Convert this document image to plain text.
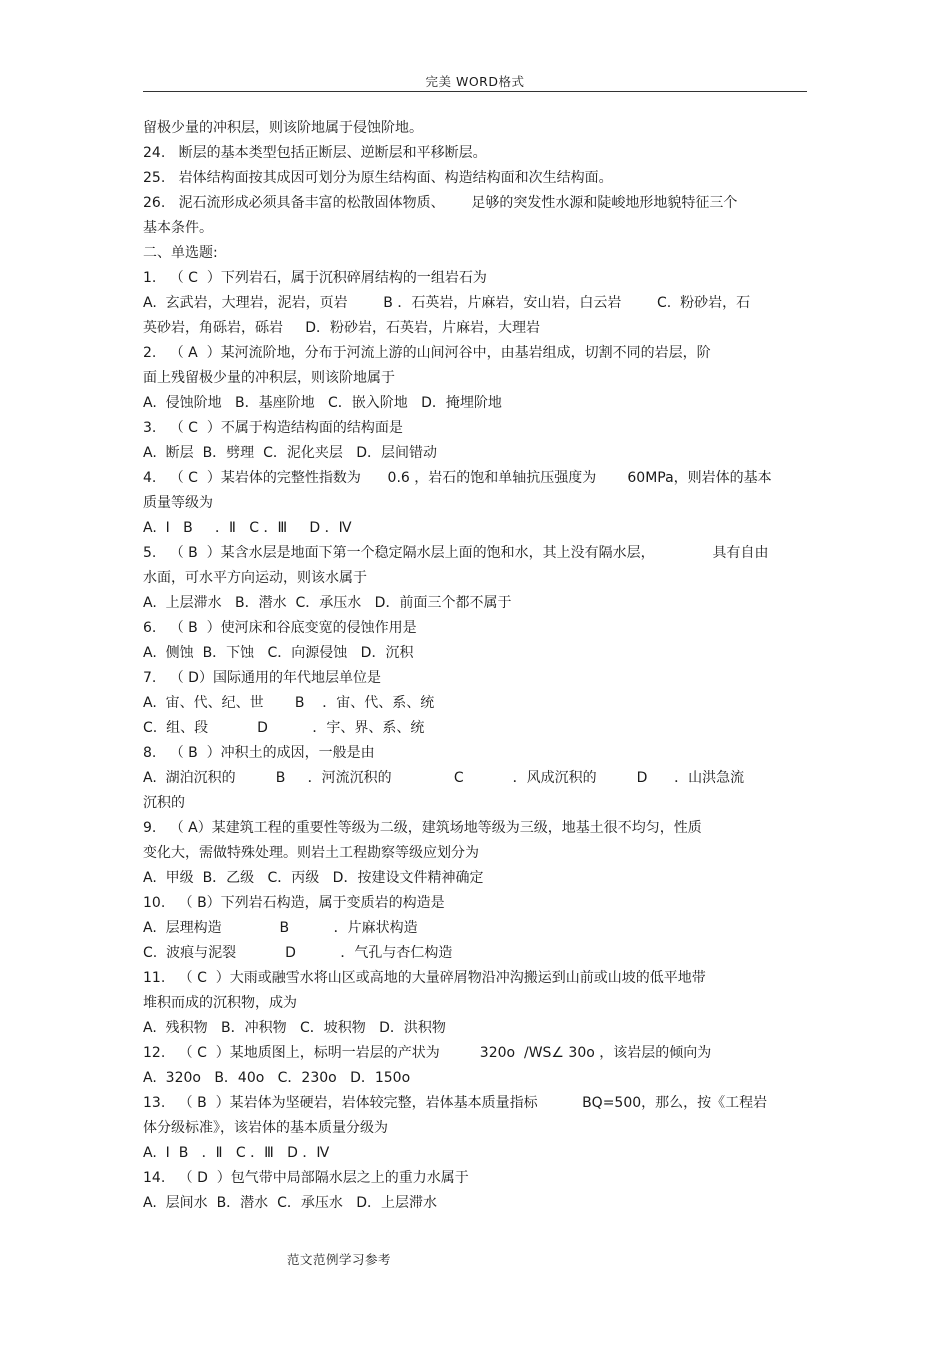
完美 WORD格式
留极少量的冲积层，则该阶地属于侵蚀阶地。
24.   断层的基本类型包括正断层、逆断层和平移断层。
25.   岩体结构面按其成因可划分为原生结构面、构造结构面和次生结构面。
26.   泥石流形成必须具备丰富的松散固体物质、      足够的突发性水源和陡峻地形地貌特征三个
基本条件。
二、单选题:
1.   （ C  ）下列岩石，属于沉积碎屑结构的一组岩石为
A.  玄武岩，大理岩，泥岩，页岩        B ．石英岩，片麻岩，安山岩，白云岩        C.  粉砂岩，石
英砂岩，角砾岩，砾岩     D．粉砂岩，石英岩，片麻岩，大理岩
2.   （ A  ）某河流阶地，分布于河流上游的山间河谷中，由基岩组成，切割不同的岩层，阶
面上残留极少量的冲积层，则该阶地属于
A.  侵蚀阶地   B．基座阶地   C．嵌入阶地   D．掩埋阶地
3.   （ C  ）不属于构造结构面的结构面是
A.  断层  B．劈理  C．泥化夹层   D．层间错动
4.   （ C  ）某岩体的完整性指数为      0.6 ，岩石的饱和单轴抗压强度为       60MPa，则岩体的基本
质量等级为
A.  Ⅰ   B     ．Ⅱ   C ．Ⅲ     D ．Ⅳ
5.   （ B  ）某含水层是地面下第一个稳定隔水层上面的饱和水，其上没有隔水层，             具有自由
水面，可水平方向运动，则该水属于
A.  上层滞水   B．潜水  C．承压水   D．前面三个都不属于
6.   （ B  ）使河床和谷底变宽的侵蚀作用是
A.  侧蚀  B．下蚀   C．向源侵蚀   D．沉积
7.   （ D）国际通用的年代地层单位是
A.  宙、代、纪、世       B    ．宙、代、系、统
C.  组、段           D          ．宇、界、系、统
8.   （ B  ）冲积土的成因，一般是由
A.  湖泊沉积的         B     ．河流沉积的              C           ．风成沉积的         D      ．山洪急流
沉积的
9.   （ A）某建筑工程的重要性等级为二级，建筑场地等级为三级，地基土很不均匀，性质
变化大，需做特殊处理。则岩土工程勘察等级应划分为
A.  甲级  B．乙级   C．丙级   D．按建设文件精神确定
10.   （ B）下列岩石构造，属于变质岩的构造是
A.  层理构造             B          ．片麻状构造
C.  波痕与泥裂           D          ．气孔与杏仁构造
11.   （ C  ）大雨或融雪水将山区或高地的大量碎屑物沿冲沟搬运到山前或山坡的低平地带
堆积而成的沉积物，成为
A.  残积物   B．冲积物   C．坡积物   D．洪积物
12.   （ C  ）某地质图上，标明一岩层的产状为         320o  /WS∠ 30o ，该岩层的倾向为
A.  320o   B．40o   C．230o   D．150o
13.   （ B  ）某岩体为坚硬岩，岩体较完整，岩体基本质量指标          BQ=500，那么，按《工程岩
体分级标准》，该岩体的基本质量分级为
A.  Ⅰ  B   ．Ⅱ   C ．Ⅲ   D ．Ⅳ
14.   （ D  ）包气带中局部隔水层之上的重力水属于
A.  层间水  B．潜水  C．承压水   D．上层滞水
范文范例学习参考
